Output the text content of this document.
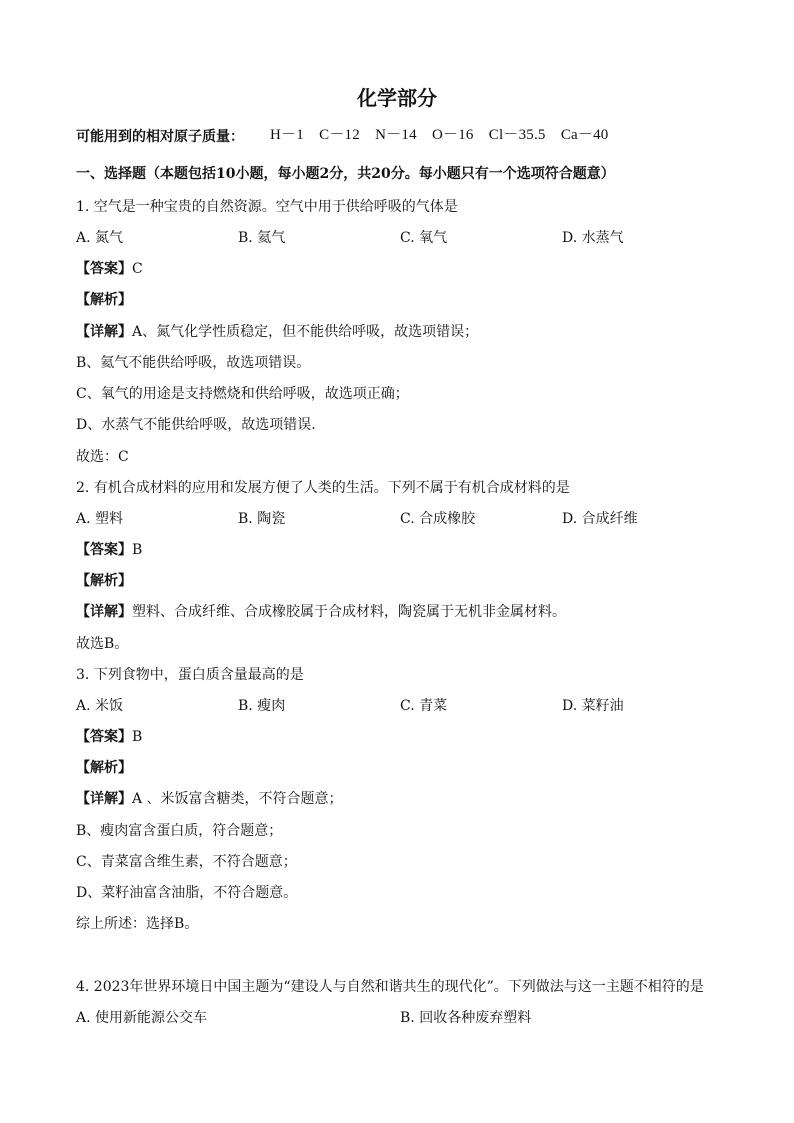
化学部分
可能用到的相对原子质量： H－1　C－12　N－14　O－16　Cl－35.5　Ca－40
一、选择题（本题包括10小题，每小题2分，共20分。每小题只有一个选项符合题意）
1. 空气是一种宝贵的自然资源。空气中用于供给呼吸的气体是
A. 氮气	B. 氦气	C. 氧气	D. 水蒸气
【答案】C
【解析】
【详解】A、氮气化学性质稳定，但不能供给呼吸，故选项错误；
B、氦气不能供给呼吸，故选项错误。
C、氧气的用途是支持燃烧和供给呼吸，故选项正确；
D、水蒸气不能供给呼吸，故选项错误.
故选：C
2. 有机合成材料的应用和发展方便了人类的生活。下列不属于有机合成材料的是
A. 塑料	B. 陶瓷	C. 合成橡胶	D. 合成纤维
【答案】B
【解析】
【详解】塑料、合成纤维、合成橡胶属于合成材料，陶瓷属于无机非金属材料。
故选B。
3. 下列食物中，蛋白质含量最高的是
A. 米饭	B. 瘦肉	C. 青菜	D. 菜籽油
【答案】B
【解析】
【详解】A 、米饭富含糖类，不符合题意；
B、瘦肉富含蛋白质，符合题意；
C、青菜富含维生素，不符合题意；
D、菜籽油富含油脂，不符合题意。
综上所述：选择B。
4. 2023年世界环境日中国主题为“建设人与自然和谐共生的现代化”。下列做法与这一主题不相符的是
A. 使用新能源公交车	B. 回收各种废弃塑料
